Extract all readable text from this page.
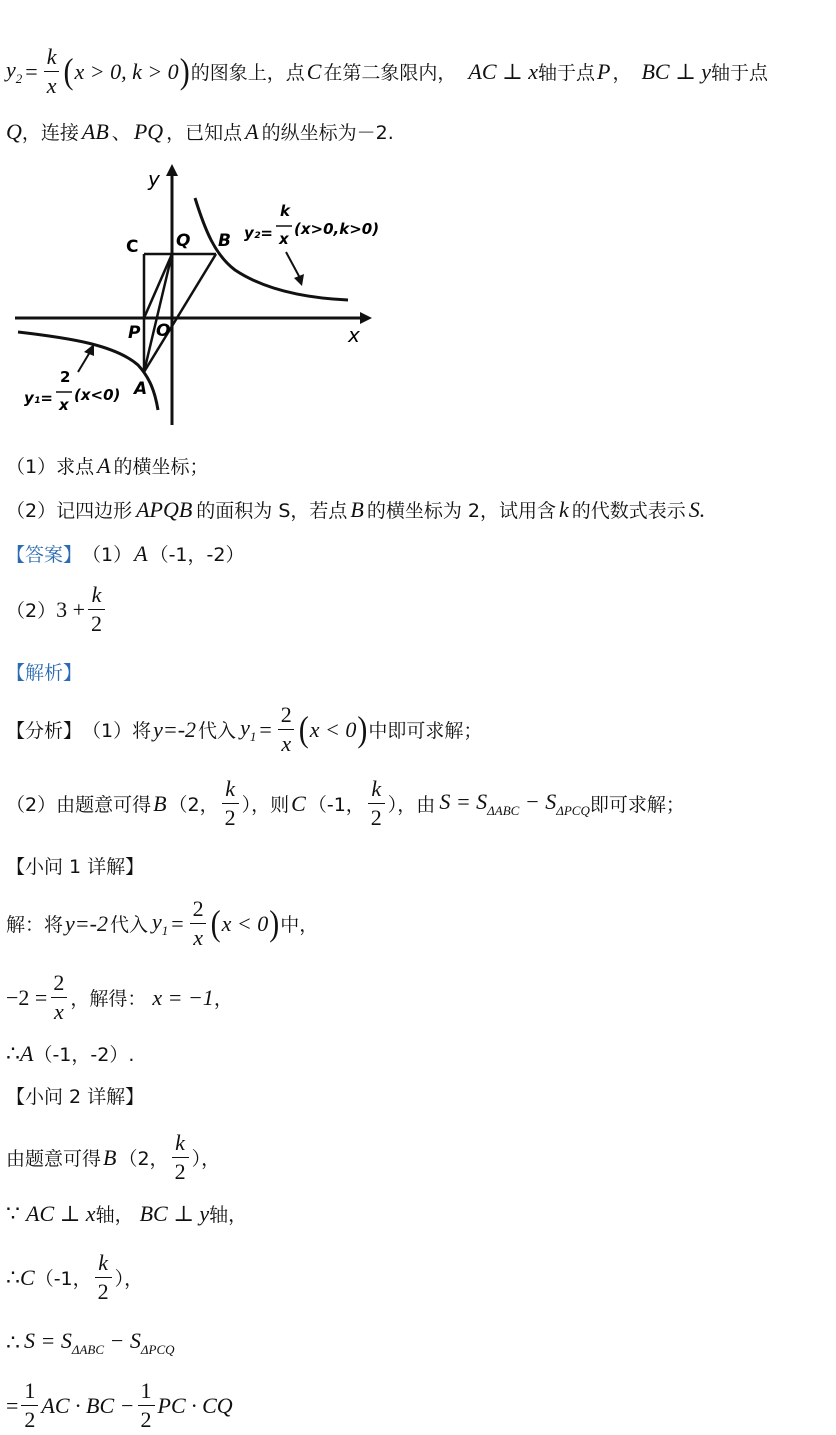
$y_2 = \frac{k}{x}$ ( x > 0, k > 0 ) 的图象上，点 C 在第二象限内， AC ⊥ x 轴于点 P ， BC ⊥ y 轴于点
Q ，连接 AB 、 PQ ，已知点 A 的纵坐标为－2.
y
x
C Q B
P O
A
y₂=
k
x
(x>0,k>0)
y₁=
2
x
(x<0)
（1）求点 A 的横坐标；
（2）记四边形 APQB 的面积为 S，若点 B 的横坐标为 2，试用含 k 的代数式表示 S.
【答案】 （1） A （-1，-2）
（2） $3 + \frac{k}{2}$
【解析】
【分析】 （1）将 y=-2 代入 $y_1 = \frac{2}{x}$ ( x < 0 ) 中即可求解；
（2）由题意可得 B （2， $\frac{k}{2}$ ），则 C （-1， $\frac{k}{2}$ ），由 $S = S_{\Delta ABC} - S_{\Delta PCQ}$ 即可求解；
【小问 1 详解】
解：将 y=-2 代入 $y_1 = \frac{2}{x}$ ( x < 0 ) 中，
$-2 = \frac{2}{x}$ ，解得： x = −1 ，
∴ A （-1，-2）.
【小问 2 详解】
由题意可得 B （2， $\frac{k}{2}$ ），
∵ AC ⊥ x 轴， BC ⊥ y 轴，
∴ C （-1， $\frac{k}{2}$ ），
∴ $S = S_{\Delta ABC} - S_{\Delta PCQ}$
= $\frac{1}{2}$ AC · BC − $\frac{1}{2}$ PC · CQ
